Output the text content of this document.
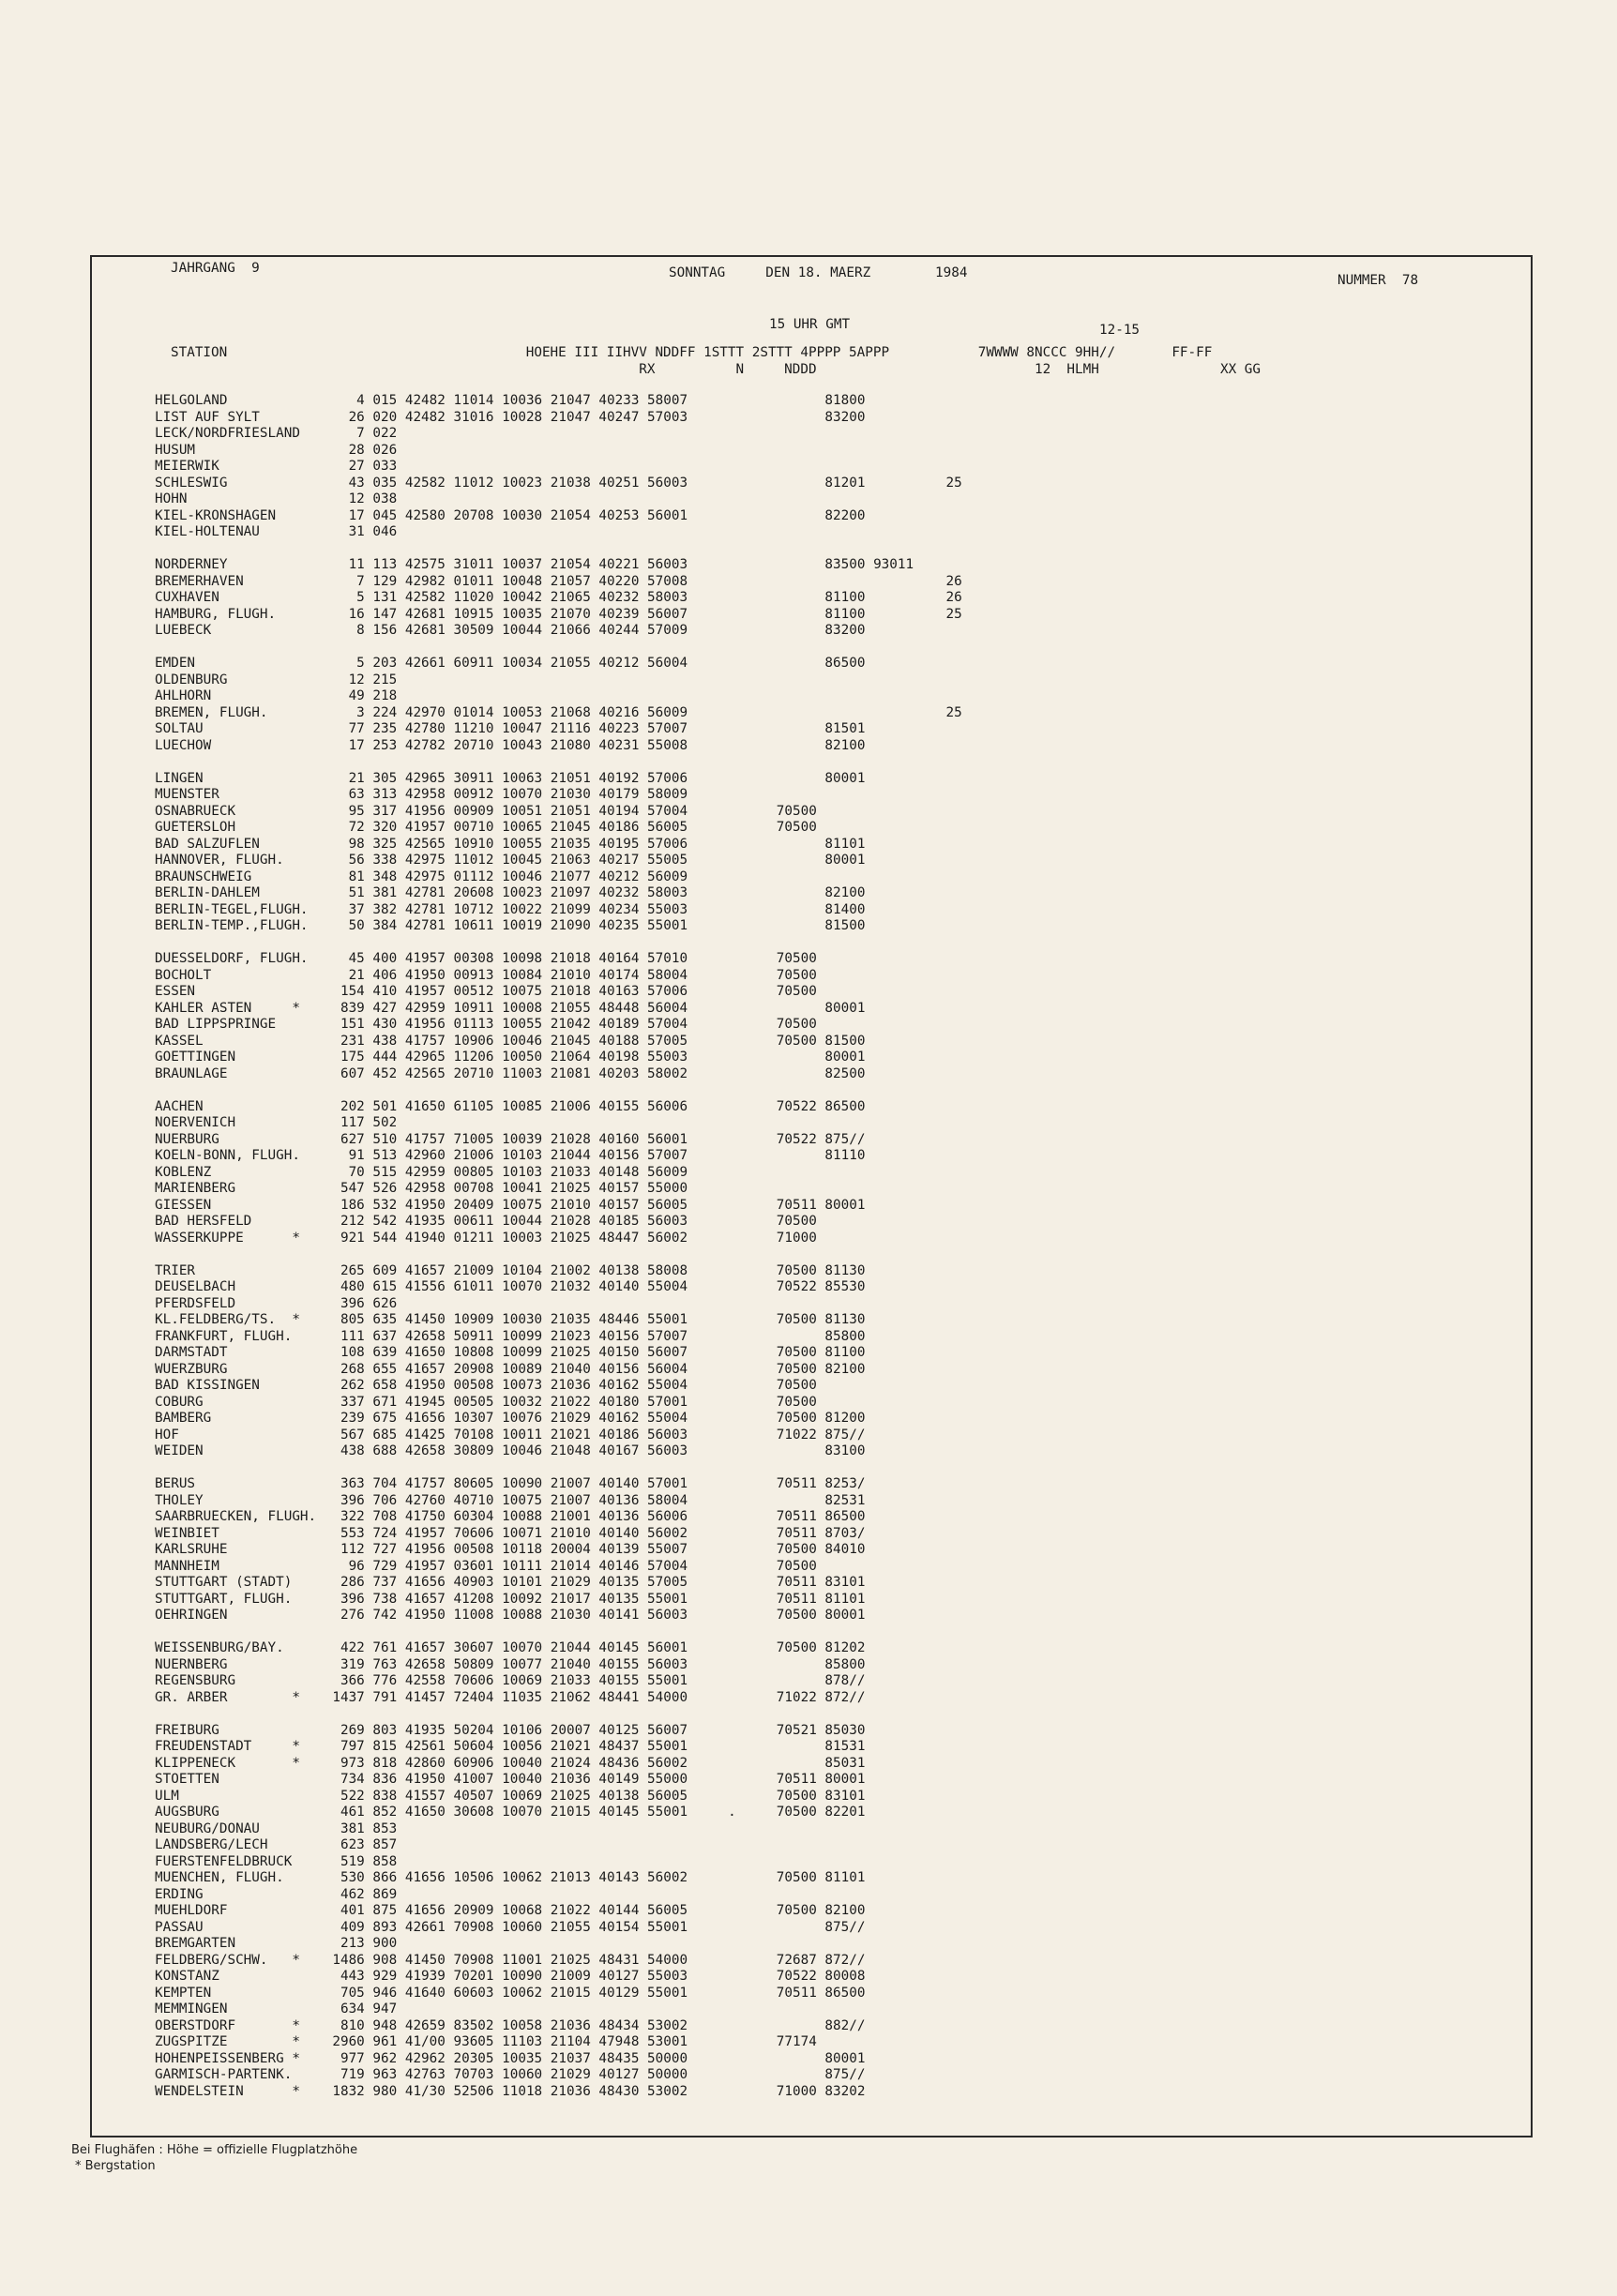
JAHRGANG  9	SONNTAG     DEN 18. MAERZ        1984	NUMMER  78
15 UHR GMT	12-15
STATION                                     HOEHE III IIHVV NDDFF 1STTT 2STTT 4PPPP 5APPP           7WWWW 8NCCC 9HH//       FF-FF
RX          N     NDDD                           12  HLMH               XX GG
HELGOLAND                4 015 42482 11014 10036 21047 40233 58007                 81800
LIST AUF SYLT           26 020 42482 31016 10028 21047 40247 57003                 83200
LECK/NORDFRIESLAND       7 022
HUSUM                   28 026
MEIERWIK                27 033
SCHLESWIG               43 035 42582 11012 10023 21038 40251 56003                 81201          25
HOHN                    12 038
KIEL-KRONSHAGEN         17 045 42580 20708 10030 21054 40253 56001                 82200
KIEL-HOLTENAU           31 046
NORDERNEY               11 113 42575 31011 10037 21054 40221 56003                 83500 93011
BREMERHAVEN              7 129 42982 01011 10048 21057 40220 57008                                26
CUXHAVEN                 5 131 42582 11020 10042 21065 40232 58003                 81100          26
HAMBURG, FLUGH.         16 147 42681 10915 10035 21070 40239 56007                 81100          25
LUEBECK                  8 156 42681 30509 10044 21066 40244 57009                 83200
EMDEN                    5 203 42661 60911 10034 21055 40212 56004                 86500
OLDENBURG               12 215
AHLHORN                 49 218
BREMEN, FLUGH.           3 224 42970 01014 10053 21068 40216 56009                                25
SOLTAU                  77 235 42780 11210 10047 21116 40223 57007                 81501
LUECHOW                 17 253 42782 20710 10043 21080 40231 55008                 82100
LINGEN                  21 305 42965 30911 10063 21051 40192 57006                 80001
MUENSTER                63 313 42958 00912 10070 21030 40179 58009
OSNABRUECK              95 317 41956 00909 10051 21051 40194 57004           70500
GUETERSLOH              72 320 41957 00710 10065 21045 40186 56005           70500
BAD SALZUFLEN           98 325 42565 10910 10055 21035 40195 57006                 81101
HANNOVER, FLUGH.        56 338 42975 11012 10045 21063 40217 55005                 80001
BRAUNSCHWEIG            81 348 42975 01112 10046 21077 40212 56009
BERLIN-DAHLEM           51 381 42781 20608 10023 21097 40232 58003                 82100
BERLIN-TEGEL,FLUGH.     37 382 42781 10712 10022 21099 40234 55003                 81400
BERLIN-TEMP.,FLUGH.     50 384 42781 10611 10019 21090 40235 55001                 81500
DUESSELDORF, FLUGH.     45 400 41957 00308 10098 21018 40164 57010           70500
BOCHOLT                 21 406 41950 00913 10084 21010 40174 58004           70500
ESSEN                  154 410 41957 00512 10075 21018 40163 57006           70500
KAHLER ASTEN     *     839 427 42959 10911 10008 21055 48448 56004                 80001
BAD LIPPSPRINGE        151 430 41956 01113 10055 21042 40189 57004           70500
KASSEL                 231 438 41757 10906 10046 21045 40188 57005           70500 81500
GOETTINGEN             175 444 42965 11206 10050 21064 40198 55003                 80001
BRAUNLAGE              607 452 42565 20710 11003 21081 40203 58002                 82500
AACHEN                 202 501 41650 61105 10085 21006 40155 56006           70522 86500
NOERVENICH             117 502
NUERBURG               627 510 41757 71005 10039 21028 40160 56001           70522 875//
KOELN-BONN, FLUGH.      91 513 42960 21006 10103 21044 40156 57007                 81110
KOBLENZ                 70 515 42959 00805 10103 21033 40148 56009
MARIENBERG             547 526 42958 00708 10041 21025 40157 55000
GIESSEN                186 532 41950 20409 10075 21010 40157 56005           70511 80001
BAD HERSFELD           212 542 41935 00611 10044 21028 40185 56003           70500
WASSERKUPPE      *     921 544 41940 01211 10003 21025 48447 56002           71000
TRIER                  265 609 41657 21009 10104 21002 40138 58008           70500 81130
DEUSELBACH             480 615 41556 61011 10070 21032 40140 55004           70522 85530
PFERDSFELD             396 626
KL.FELDBERG/TS.  *     805 635 41450 10909 10030 21035 48446 55001           70500 81130
FRANKFURT, FLUGH.      111 637 42658 50911 10099 21023 40156 57007                 85800
DARMSTADT              108 639 41650 10808 10099 21025 40150 56007           70500 81100
WUERZBURG              268 655 41657 20908 10089 21040 40156 56004           70500 82100
BAD KISSINGEN          262 658 41950 00508 10073 21036 40162 55004           70500
COBURG                 337 671 41945 00505 10032 21022 40180 57001           70500
BAMBERG                239 675 41656 10307 10076 21029 40162 55004           70500 81200
HOF                    567 685 41425 70108 10011 21021 40186 56003           71022 875//
WEIDEN                 438 688 42658 30809 10046 21048 40167 56003                 83100
BERUS                  363 704 41757 80605 10090 21007 40140 57001           70511 8253/
THOLEY                 396 706 42760 40710 10075 21007 40136 58004                 82531
SAARBRUECKEN, FLUGH.   322 708 41750 60304 10088 21001 40136 56006           70511 86500
WEINBIET               553 724 41957 70606 10071 21010 40140 56002           70511 8703/
KARLSRUHE              112 727 41956 00508 10118 20004 40139 55007           70500 84010
MANNHEIM                96 729 41957 03601 10111 21014 40146 57004           70500
STUTTGART (STADT)      286 737 41656 40903 10101 21029 40135 57005           70511 83101
STUTTGART, FLUGH.      396 738 41657 41208 10092 21017 40135 55001           70511 81101
OEHRINGEN              276 742 41950 11008 10088 21030 40141 56003           70500 80001
WEISSENBURG/BAY.       422 761 41657 30607 10070 21044 40145 56001           70500 81202
NUERNBERG              319 763 42658 50809 10077 21040 40155 56003                 85800
REGENSBURG             366 776 42558 70606 10069 21033 40155 55001                 878//
GR. ARBER        *    1437 791 41457 72404 11035 21062 48441 54000           71022 872//
FREIBURG               269 803 41935 50204 10106 20007 40125 56007           70521 85030
FREUDENSTADT     *     797 815 42561 50604 10056 21021 48437 55001                 81531
KLIPPENECK       *     973 818 42860 60906 10040 21024 48436 56002                 85031
STOETTEN               734 836 41950 41007 10040 21036 40149 55000           70511 80001
ULM                    522 838 41557 40507 10069 21025 40138 56005           70500 83101
AUGSBURG               461 852 41650 30608 10070 21015 40145 55001     .     70500 82201
NEUBURG/DONAU          381 853
LANDSBERG/LECH         623 857
FUERSTENFELDBRUCK      519 858
MUENCHEN, FLUGH.       530 866 41656 10506 10062 21013 40143 56002           70500 81101
ERDING                 462 869
MUEHLDORF              401 875 41656 20909 10068 21022 40144 56005           70500 82100
PASSAU                 409 893 42661 70908 10060 21055 40154 55001                 875//
BREMGARTEN             213 900
FELDBERG/SCHW.   *    1486 908 41450 70908 11001 21025 48431 54000           72687 872//
KONSTANZ               443 929 41939 70201 10090 21009 40127 55003           70522 80008
KEMPTEN                705 946 41640 60603 10062 21015 40129 55001           70511 86500
MEMMINGEN              634 947
OBERSTDORF       *     810 948 42659 83502 10058 21036 48434 53002                 882//
ZUGSPITZE        *    2960 961 41/00 93605 11103 21104 47948 53001           77174
HOHENPEISSENBERG *     977 962 42962 20305 10035 21037 48435 50000                 80001
GARMISCH-PARTENK.      719 963 42763 70703 10060 21029 40127 50000                 875//
WENDELSTEIN      *    1832 980 41/30 52506 11018 21036 48430 53002           71000 83202
Bei Flughäfen : Höhe = offizielle Flugplatzhöhe
* Bergstation
